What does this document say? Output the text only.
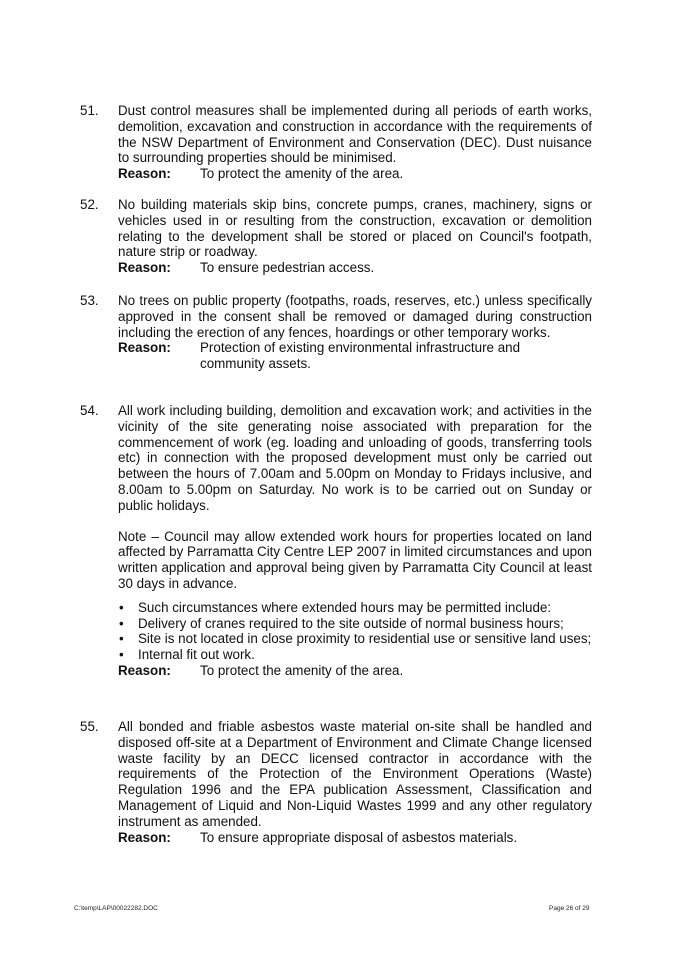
51.	Dust control measures shall be implemented during all periods of earth works, demolition, excavation and construction in accordance with the requirements of the NSW Department of Environment and Conservation (DEC). Dust nuisance to surrounding properties should be minimised.
Reason:	To protect the amenity of the area.
52.	No building materials skip bins, concrete pumps, cranes, machinery, signs or vehicles used in or resulting from the construction, excavation or demolition relating to the development shall be stored or placed on Council's footpath, nature strip or roadway.
Reason:	To ensure pedestrian access.
53.	No trees on public property (footpaths, roads, reserves, etc.) unless specifically approved in the consent shall be removed or damaged during construction including the erection of any fences, hoardings or other temporary works.
Reason:	Protection of existing environmental infrastructure and community assets.
54.	All work including building, demolition and excavation work; and activities in the vicinity of the site generating noise associated with preparation for the commencement of work (eg. loading and unloading of goods, transferring tools etc) in connection with the proposed development must only be carried out between the hours of 7.00am and 5.00pm on Monday to Fridays inclusive, and 8.00am to 5.00pm on Saturday. No work is to be carried out on Sunday or public holidays.
Note – Council may allow extended work hours for properties located on land affected by Parramatta City Centre LEP 2007 in limited circumstances and upon written application and approval being given by Parramatta City Council at least 30 days in advance.
• Such circumstances where extended hours may be permitted include:
• Delivery of cranes required to the site outside of normal business hours;
• Site is not located in close proximity to residential use or sensitive land uses;
• Internal fit out work.
Reason:	To protect the amenity of the area.
55.	All bonded and friable asbestos waste material on-site shall be handled and disposed off-site at a Department of Environment and Climate Change licensed waste facility by an DECC licensed contractor in accordance with the requirements of the Protection of the Environment Operations (Waste) Regulation 1996 and the EPA publication Assessment, Classification and Management of Liquid and Non-Liquid Wastes 1999 and any other regulatory instrument as amended.
Reason:	To ensure appropriate disposal of asbestos materials.
C:\temp\LAP\00022282.DOC	Page 26 of 29
